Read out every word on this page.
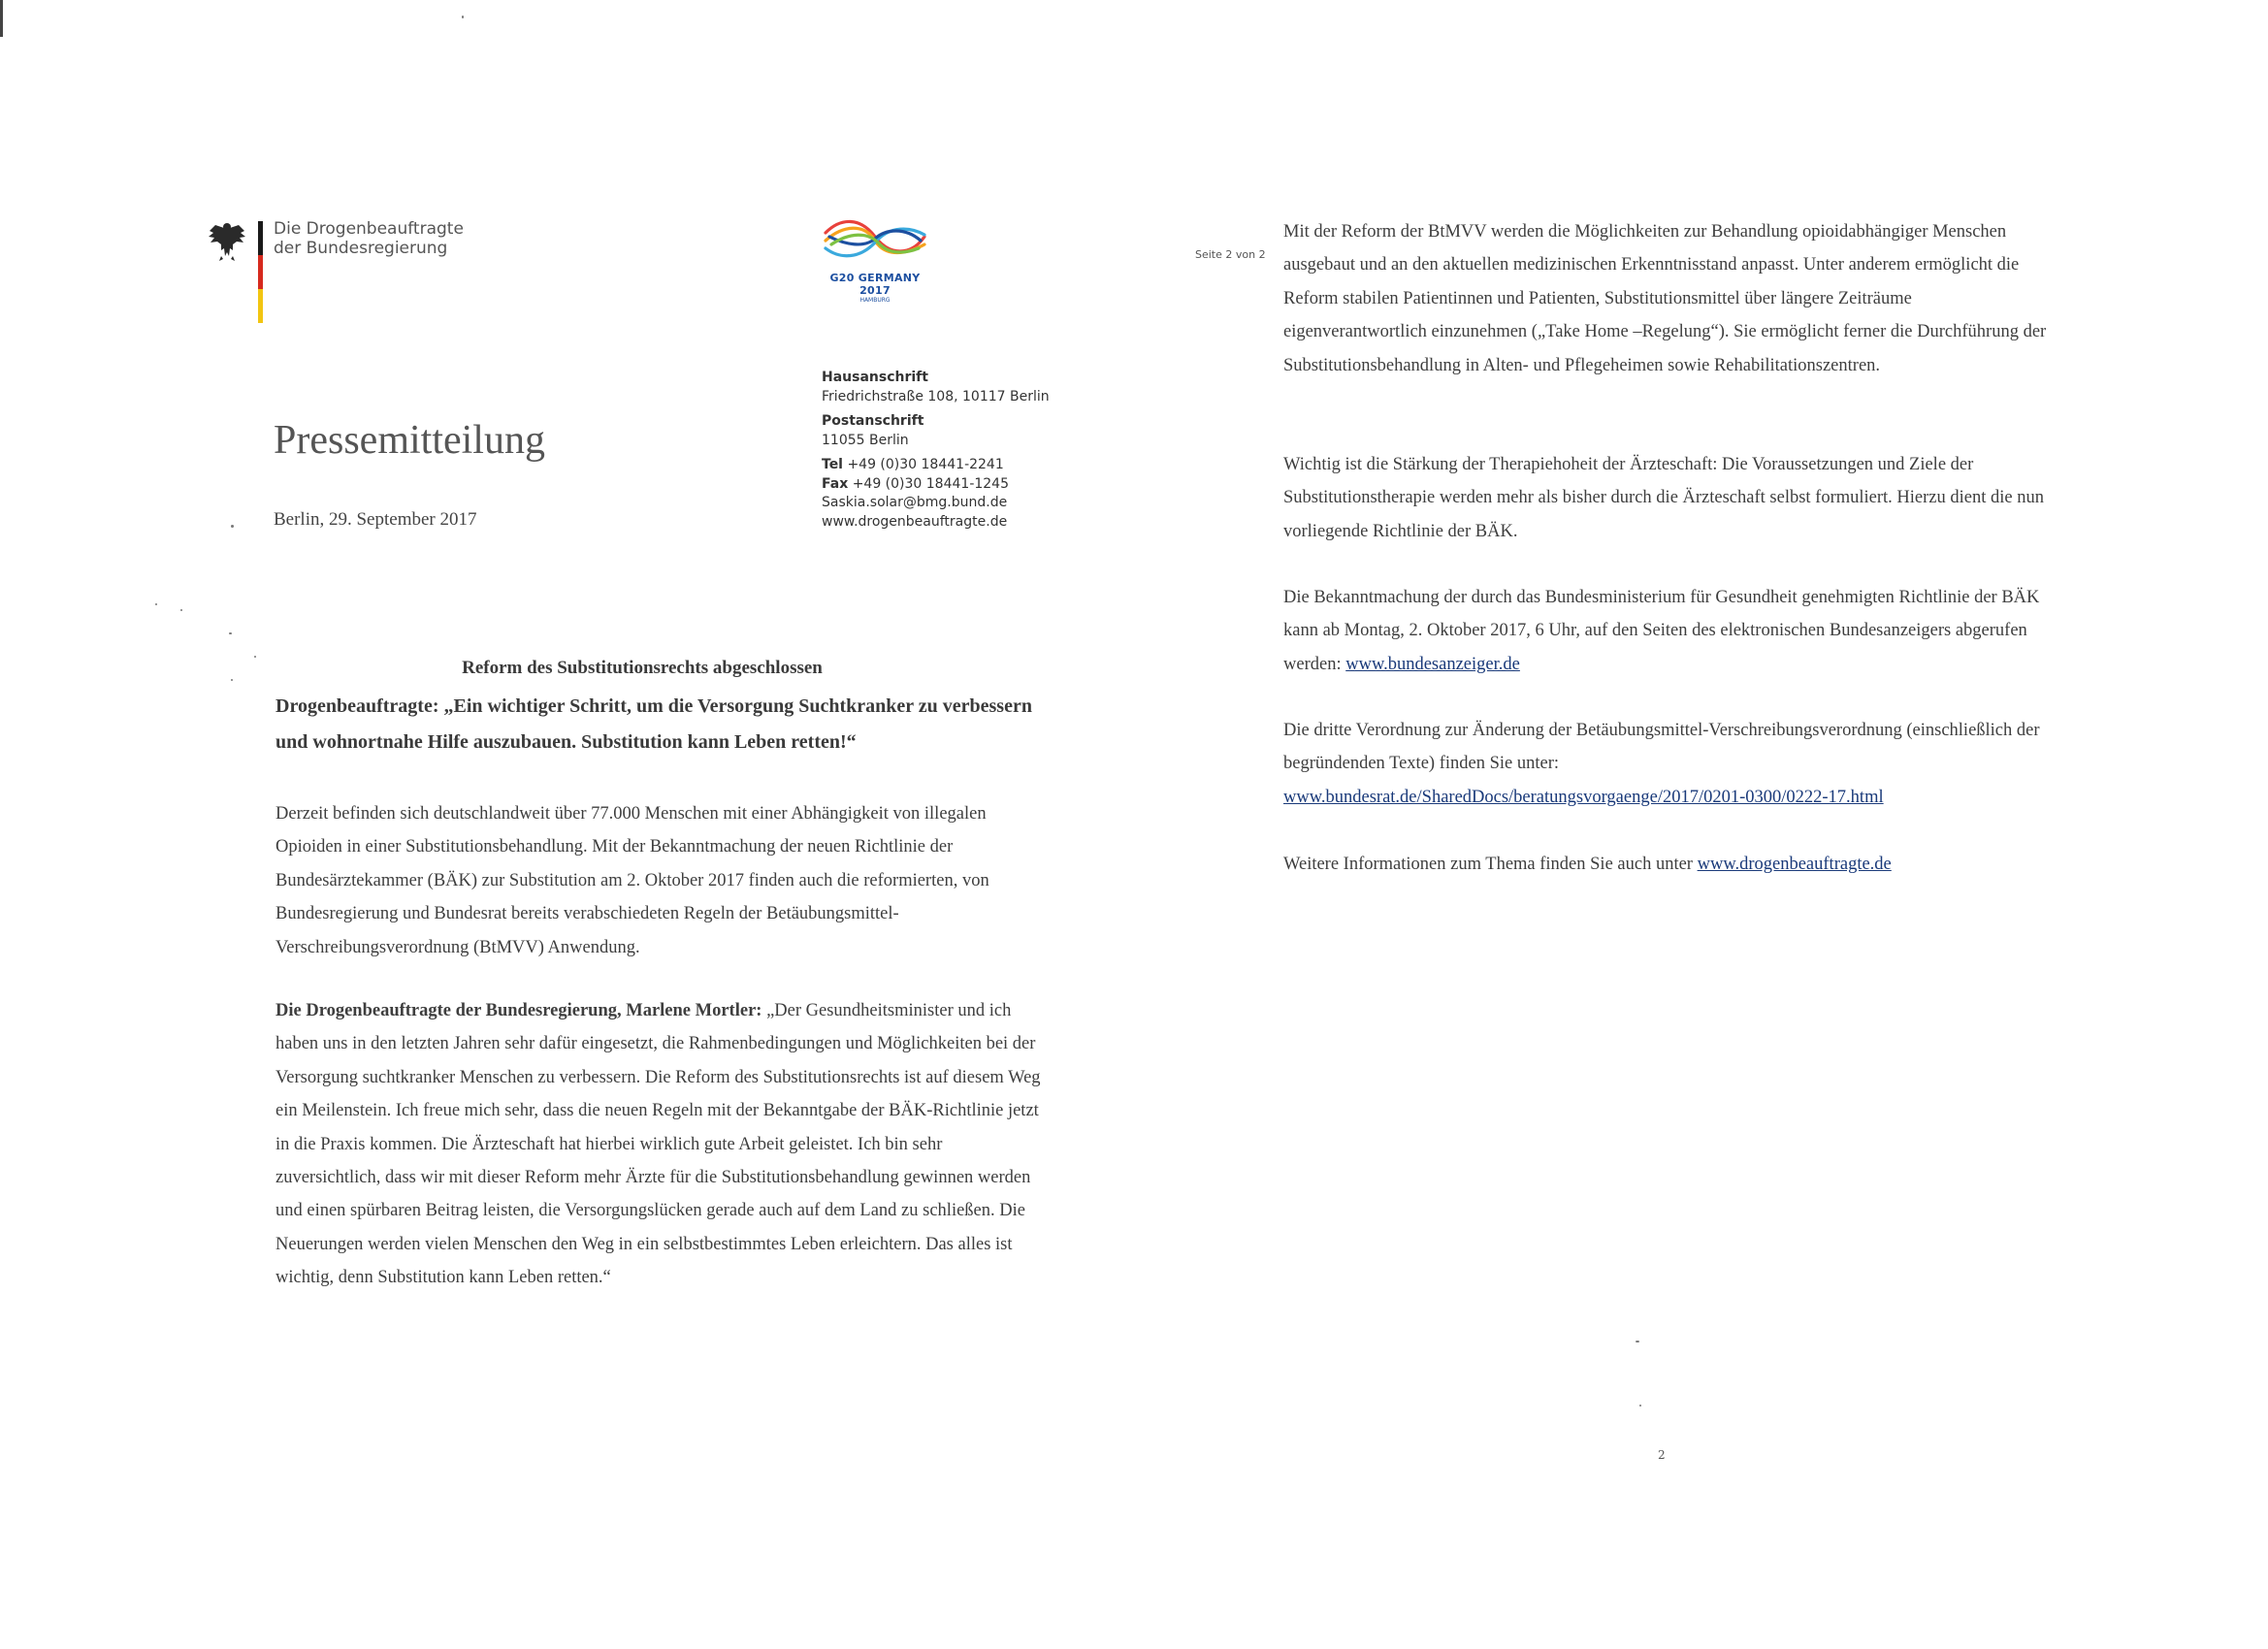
Die Drogenbeauftragte
der Bundesregierung
G20 GERMANY 2017
HAMBURG
Hausanschrift
Friedrichstraße 108, 10117 Berlin
Postanschrift
11055 Berlin
Tel +49 (0)30 18441-2241
Fax +49 (0)30 18441-1245
Saskia.solar@bmg.bund.de
www.drogenbeauftragte.de
Pressemitteilung
Berlin, 29. September 2017
Reform des Substitutionsrechts abgeschlossen
Drogenbeauftragte: „Ein wichtiger Schritt, um die Versorgung Suchtkranker zu verbessern und wohnortnahe Hilfe auszubauen. Substitution kann Leben retten!“
Derzeit befinden sich deutschlandweit über 77.000 Menschen mit einer Abhängigkeit von illegalen Opioiden in einer Substitutionsbehandlung. Mit der Bekanntmachung der neuen Richtlinie der Bundesärztekammer (BÄK) zur Substitution am 2. Oktober 2017 finden auch die reformierten, von Bundesregierung und Bundesrat bereits verabschiedeten Regeln der Betäubungsmittel-Verschreibungsverordnung (BtMVV) Anwendung.
Die Drogenbeauftragte der Bundesregierung, Marlene Mortler: „Der Gesundheitsminister und ich haben uns in den letzten Jahren sehr dafür eingesetzt, die Rahmenbedingungen und Möglichkeiten bei der Versorgung suchtkranker Menschen zu verbessern. Die Reform des Substitutionsrechts ist auf diesem Weg ein Meilenstein. Ich freue mich sehr, dass die neuen Regeln mit der Bekanntgabe der BÄK-Richtlinie jetzt in die Praxis kommen. Die Ärzteschaft hat hierbei wirklich gute Arbeit geleistet. Ich bin sehr zuversichtlich, dass wir mit dieser Reform mehr Ärzte für die Substitutionsbehandlung gewinnen werden und einen spürbaren Beitrag leisten, die Versorgungslücken gerade auch auf dem Land zu schließen. Die Neuerungen werden vielen Menschen den Weg in ein selbstbestimmtes Leben erleichtern. Das alles ist wichtig, denn Substitution kann Leben retten.“
Seite 2 von 2
Mit der Reform der BtMVV werden die Möglichkeiten zur Behandlung opioidabhängiger Menschen ausgebaut und an den aktuellen medizinischen Erkenntnisstand anpasst. Unter anderem ermöglicht die Reform stabilen Patientinnen und Patienten, Substitutionsmittel über längere Zeiträume eigenverantwortlich einzunehmen („Take Home –Regelung“). Sie ermöglicht ferner die Durchführung der Substitutionsbehandlung in Alten- und Pflegeheimen sowie Rehabilitationszentren.
Wichtig ist die Stärkung der Therapiehoheit der Ärzteschaft: Die Voraussetzungen und Ziele der Substitutionstherapie werden mehr als bisher durch die Ärzteschaft selbst formuliert. Hierzu dient die nun vorliegende Richtlinie der BÄK.
Die Bekanntmachung der durch das Bundesministerium für Gesundheit genehmigten Richtlinie der BÄK kann ab Montag, 2. Oktober 2017, 6 Uhr, auf den Seiten des elektronischen Bundesanzeigers abgerufen werden: www.bundesanzeiger.de
Die dritte Verordnung zur Änderung der Betäubungsmittel-Verschreibungsverordnung (einschließlich der begründenden Texte) finden Sie unter:
www.bundesrat.de/SharedDocs/beratungsvorgaenge/2017/0201-0300/0222-17.html
Weitere Informationen zum Thema finden Sie auch unter www.drogenbeauftragte.de
2
